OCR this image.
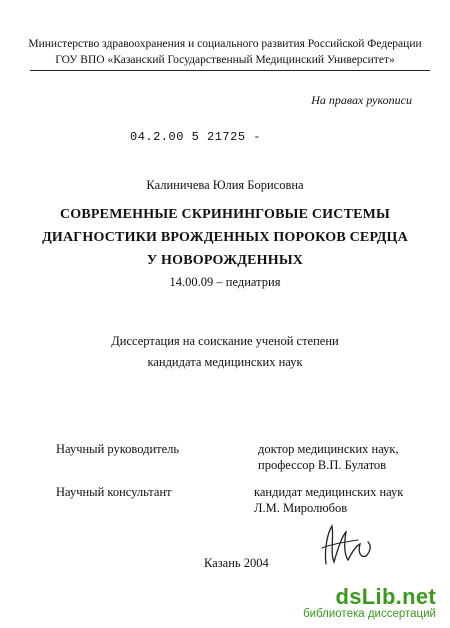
Министерство здравоохранения и социального развития Российской Федерации
ГОУ ВПО «Казанский Государственный Медицинский Университет»
На правах рукописи
04.2.00 5 21725 -
Калиничева Юлия Борисовна
СОВРЕМЕННЫЕ СКРИНИНГОВЫЕ СИСТЕМЫ
ДИАГНОСТИКИ ВРОЖДЕННЫХ ПОРОКОВ СЕРДЦА
У НОВОРОЖДЕННЫХ
14.00.09 – педиатрия
Диссертация на соискание ученой степени
кандидата медицинских наук
Научный руководитель	доктор медицинских наук,
профессор В.П. Булатов
Научный консультант	кандидат медицинских наук
Л.М. Миролюбов
Казань 2004
dsLib.net
библиотека диссертаций
